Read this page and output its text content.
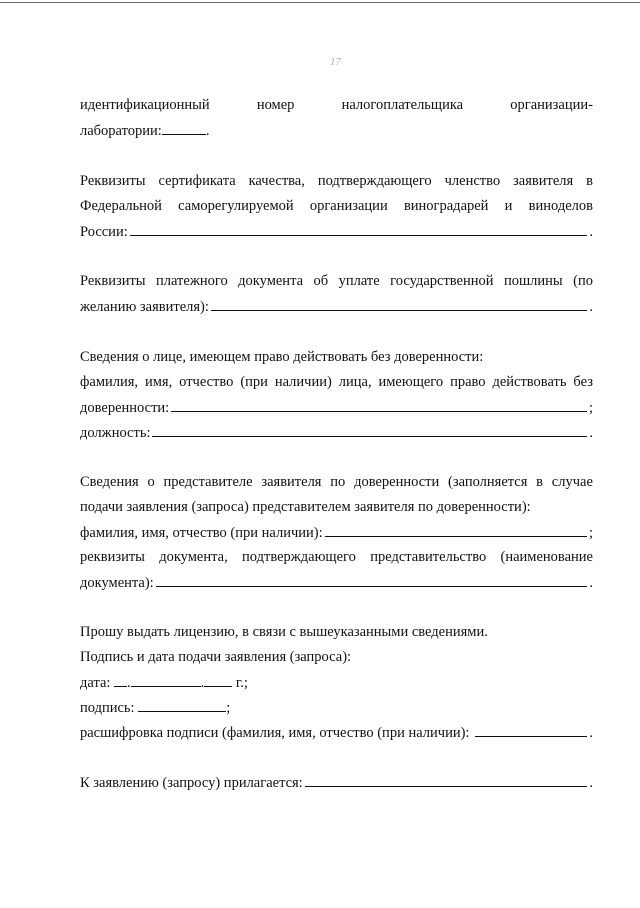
17
идентификационный	номер	налогоплательщика	организации-
лаборатории:	.
Реквизиты сертификата качества, подтверждающего членство заявителя в
Федеральной саморегулируемой организации виноградарей и виноделов
России:	.
Реквизиты платежного документа об уплате государственной пошлины (по
желанию заявителя):	.
Сведения о лице, имеющем право действовать без доверенности:
фамилия, имя, отчество (при наличии) лица, имеющего право действовать без
доверенности:	;
должность:	.
Сведения о представителе заявителя по доверенности (заполняется в случае
подачи заявления (запроса) представителем заявителя по доверенности):
фамилия, имя, отчество (при наличии):	;
реквизиты документа, подтверждающего представительство (наименование
документа):	.
Прошу выдать лицензию, в связи с вышеуказанными сведениями.
Подпись и дата подачи заявления (запроса):
дата: .	. г.;
подпись:	;
расшифровка подписи (фамилия, имя, отчество (при наличии):	.
К заявлению (запросу) прилагается:	.
